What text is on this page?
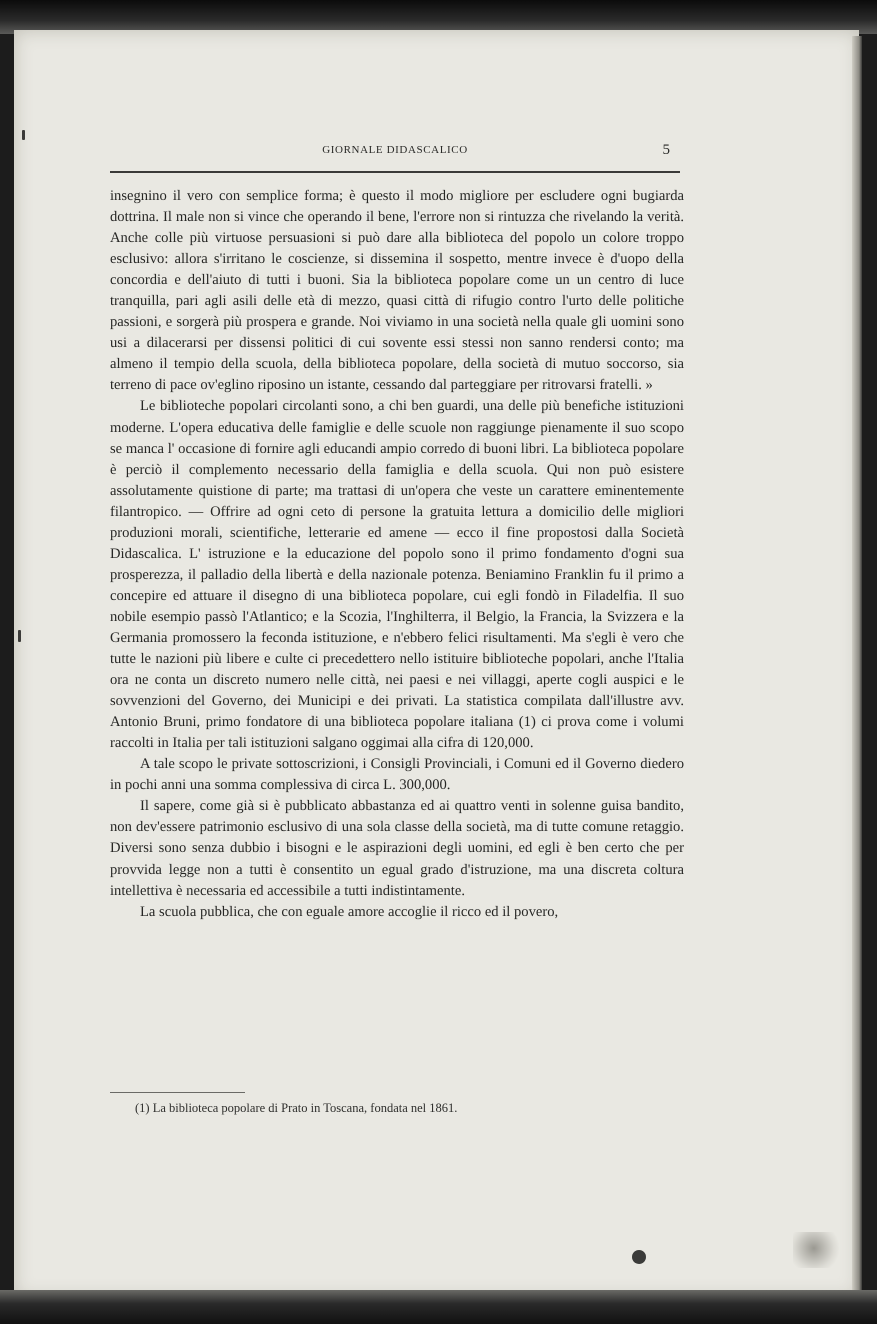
GIORNALE DIDASCALICO	5

insegnino il vero con semplice forma; è questo il modo migliore per escludere ogni bugiarda dottrina. Il male non si vince che operando il bene, l'errore non si rintuzza che rivelando la verità. Anche colle più virtuose persuasioni si può dare alla biblioteca del popolo un colore troppo esclusivo: allora s'irritano le coscienze, si dissemina il sospetto, mentre invece è d'uopo della concordia e dell'aiuto di tutti i buoni. Sia la biblioteca popolare come un un centro di luce tranquilla, pari agli asili delle età di mezzo, quasi città di rifugio contro l'urto delle politiche passioni, e sorgerà più prospera e grande. Noi viviamo in una società nella quale gli uomini sono usi a dilacerarsi per dissensi politici di cui sovente essi stessi non sanno rendersi conto; ma almeno il tempio della scuola, della biblioteca popolare, della società di mutuo soccorso, sia terreno di pace ov'eglino riposino un istante, cessando dal parteggiare per ritrovarsi fratelli. »

Le biblioteche popolari circolanti sono, a chi ben guardi, una delle più benefiche istituzioni moderne. L'opera educativa delle famiglie e delle scuole non raggiunge pienamente il suo scopo se manca l' occasione di fornire agli educandi ampio corredo di buoni libri. La biblioteca popolare è perciò il complemento necessario della famiglia e della scuola. Qui non può esistere assolutamente quistione di parte; ma trattasi di un'opera che veste un carattere eminentemente filantropico. — Offrire ad ogni ceto di persone la gratuita lettura a domicilio delle migliori produzioni morali, scientifiche, letterarie ed amene — ecco il fine propostosi dalla Società Didascalica. L' istruzione e la educazione del popolo sono il primo fondamento d'ogni sua prosperezza, il palladio della libertà e della nazionale potenza. Beniamino Franklin fu il primo a concepire ed attuare il disegno di una biblioteca popolare, cui egli fondò in Filadelfia. Il suo nobile esempio passò l'Atlantico; e la Scozia, l'Inghilterra, il Belgio, la Francia, la Svizzera e la Germania promossero la feconda istituzione, e n'ebbero felici risultamenti. Ma s'egli è vero che tutte le nazioni più libere e culte ci precedettero nello istituire biblioteche popolari, anche l'Italia ora ne conta un discreto numero nelle città, nei paesi e nei villaggi, aperte cogli auspici e le sovvenzioni del Governo, dei Municipi e dei privati. La statistica compilata dall'illustre avv. Antonio Bruni, primo fondatore di una biblioteca popolare italiana (1) ci prova come i volumi raccolti in Italia per tali istituzioni salgano oggimai alla cifra di 120,000.

A tale scopo le private sottoscrizioni, i Consigli Provinciali, i Comuni ed il Governo diedero in pochi anni una somma complessiva di circa L. 300,000.

Il sapere, come già si è pubblicato abbastanza ed ai quattro venti in solenne guisa bandito, non dev'essere patrimonio esclusivo di una sola classe della società, ma di tutte comune retaggio. Diversi sono senza dubbio i bisogni e le aspirazioni degli uomini, ed egli è ben certo che per provvida legge non a tutti è consentito un egual grado d'istruzione, ma una discreta coltura intellettiva è necessaria ed accessibile a tutti indistintamente.

La scuola pubblica, che con eguale amore accoglie il ricco ed il povero,

(1) La biblioteca popolare di Prato in Toscana, fondata nel 1861.
